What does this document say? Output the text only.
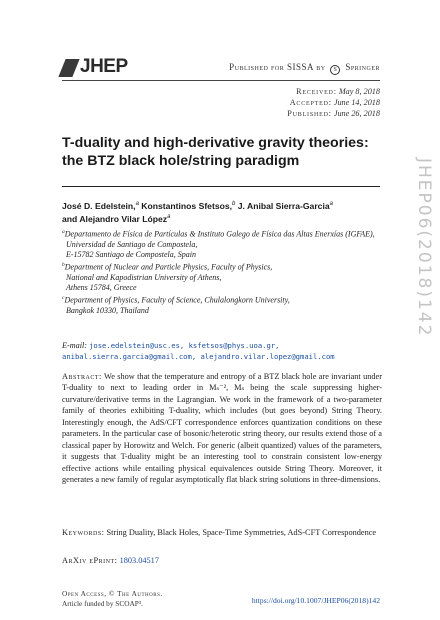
JHEP	Published for SISSA by S Springer
Received: May 8, 2018
Accepted: June 14, 2018
Published: June 26, 2018
JHEP06(2018)142
T-duality and high-derivative gravity theories:
the BTZ black hole/string paradigm
José D. Edelstein,$^a$ Konstantinos Sfetsos,$^b$ J. Anibal Sierra-Garcia$^a$
and Alejandro Vilar López$^a$
$^a$Departamento de Física de Partículas & Instituto Galego de Física das Altas Enerxías (IGFAE),
Universidad de Santiago de Compostela,
E-15782 Santiago de Compostela, Spain
$^b$Department of Nuclear and Particle Physics, Faculty of Physics,
National and Kapodistrian University of Athens,
Athens 15784, Greece
$^c$Department of Physics, Faculty of Science, Chulalongkorn University,
Bangkok 10330, Thailand
E-mail: jose.edelstein@usc.es, ksfetsos@phys.uoa.gr,
anibal.sierra.garcia@gmail.com, alejandro.vilar.lopez@gmail.com
Abstract: We show that the temperature and entropy of a BTZ black hole are invariant under T-duality to next to leading order in Mₛ⁻², Mₛ being the scale suppressing higher-curvature/derivative terms in the Lagrangian. We work in the framework of a two-parameter family of theories exhibiting T-duality, which includes (but goes beyond) String Theory. Interestingly enough, the AdS/CFT correspondence enforces quantization conditions on these parameters. In the particular case of bosonic/heterotic string theory, our results extend those of a classical paper by Horowitz and Welch. For generic (albeit quantized) values of the parameters, it suggests that T-duality might be an interesting tool to constrain consistent low-energy effective actions while entailing physical equivalences outside String Theory. Moreover, it generates a new family of regular asymptotically flat black string solutions in three-dimensions.
Keywords: String Duality, Black Holes, Space-Time Symmetries, AdS-CFT Correspondence
ArXiv ePrint: 1803.04517
Open Access, © The Authors.
Article funded by SCOAP³.	https://doi.org/10.1007/JHEP06(2018)142
